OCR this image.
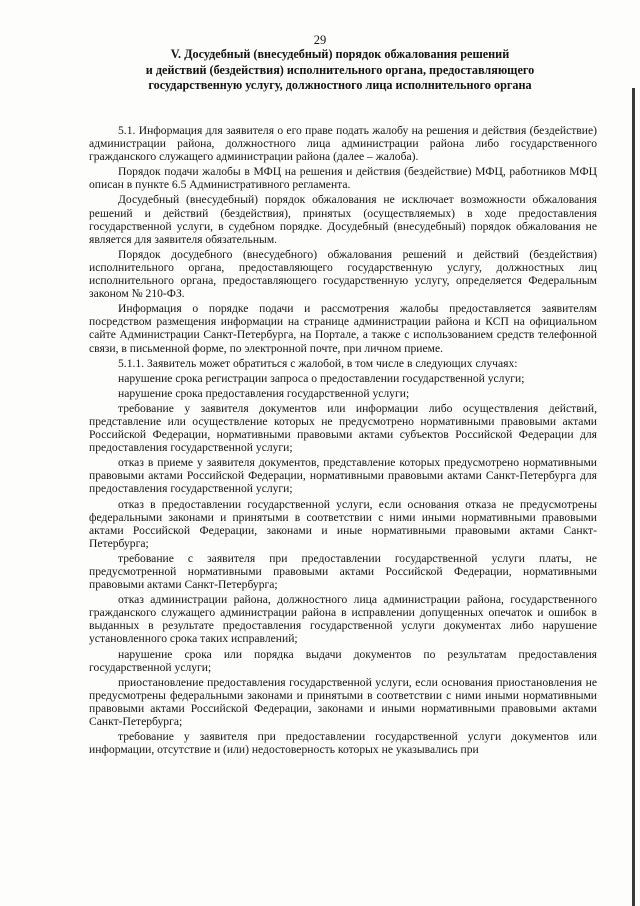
29
V. Досудебный (внесудебный) порядок обжалования решений
и действий (бездействия) исполнительного органа, предоставляющего
государственную услугу, должностного лица исполнительного органа

5.1. Информация для заявителя о его праве подать жалобу на решения и действия (бездействие) администрации района, должностного лица администрации района либо государственного гражданского служащего администрации района (далее – жалоба).

Порядок подачи жалобы в МФЦ на решения и действия (бездействие) МФЦ, работников МФЦ описан в пункте 6.5 Административного регламента.

Досудебный (внесудебный) порядок обжалования не исключает возможности обжалования решений и действий (бездействия), принятых (осуществляемых) в ходе предоставления государственной услуги, в судебном порядке. Досудебный (внесудебный) порядок обжалования не является для заявителя обязательным.

Порядок досудебного (внесудебного) обжалования решений и действий (бездействия) исполнительного органа, предоставляющего государственную услугу, должностных лиц исполнительного органа, предоставляющего государственную услугу, определяется Федеральным законом № 210-ФЗ.

Информация о порядке подачи и рассмотрения жалобы предоставляется заявителям посредством размещения информации на странице администрации района и КСП на официальном сайте Администрации Санкт-Петербурга, на Портале, а также с использованием средств телефонной связи, в письменной форме, по электронной почте, при личном приеме.

5.1.1. Заявитель может обратиться с жалобой, в том числе в следующих случаях:

нарушение срока регистрации запроса о предоставлении государственной услуги;

нарушение срока предоставления государственной услуги;

требование у заявителя документов или информации либо осуществления действий, представление или осуществление которых не предусмотрено нормативными правовыми актами Российской Федерации, нормативными правовыми актами субъектов Российской Федерации для предоставления государственной услуги;

отказ в приеме у заявителя документов, представление которых предусмотрено нормативными правовыми актами Российской Федерации, нормативными правовыми актами Санкт-Петербурга для предоставления государственной услуги;

отказ в предоставлении государственной услуги, если основания отказа не предусмотрены федеральными законами и принятыми в соответствии с ними иными нормативными правовыми актами Российской Федерации, законами и иные нормативными правовыми актами Санкт-Петербурга;

требование с заявителя при предоставлении государственной услуги платы, не предусмотренной нормативными правовыми актами Российской Федерации, нормативными правовыми актами Санкт-Петербурга;

отказ администрации района, должностного лица администрации района, государственного гражданского служащего администрации района в исправлении допущенных опечаток и ошибок в выданных в результате предоставления государственной услуги документах либо нарушение установленного срока таких исправлений;

нарушение срока или порядка выдачи документов по результатам предоставления государственной услуги;

приостановление предоставления государственной услуги, если основания приостановления не предусмотрены федеральными законами и принятыми в соответствии с ними иными нормативными правовыми актами Российской Федерации, законами и иными нормативными правовыми актами Санкт-Петербурга;

требование у заявителя при предоставлении государственной услуги документов или информации, отсутствие и (или) недостоверность которых не указывались при
